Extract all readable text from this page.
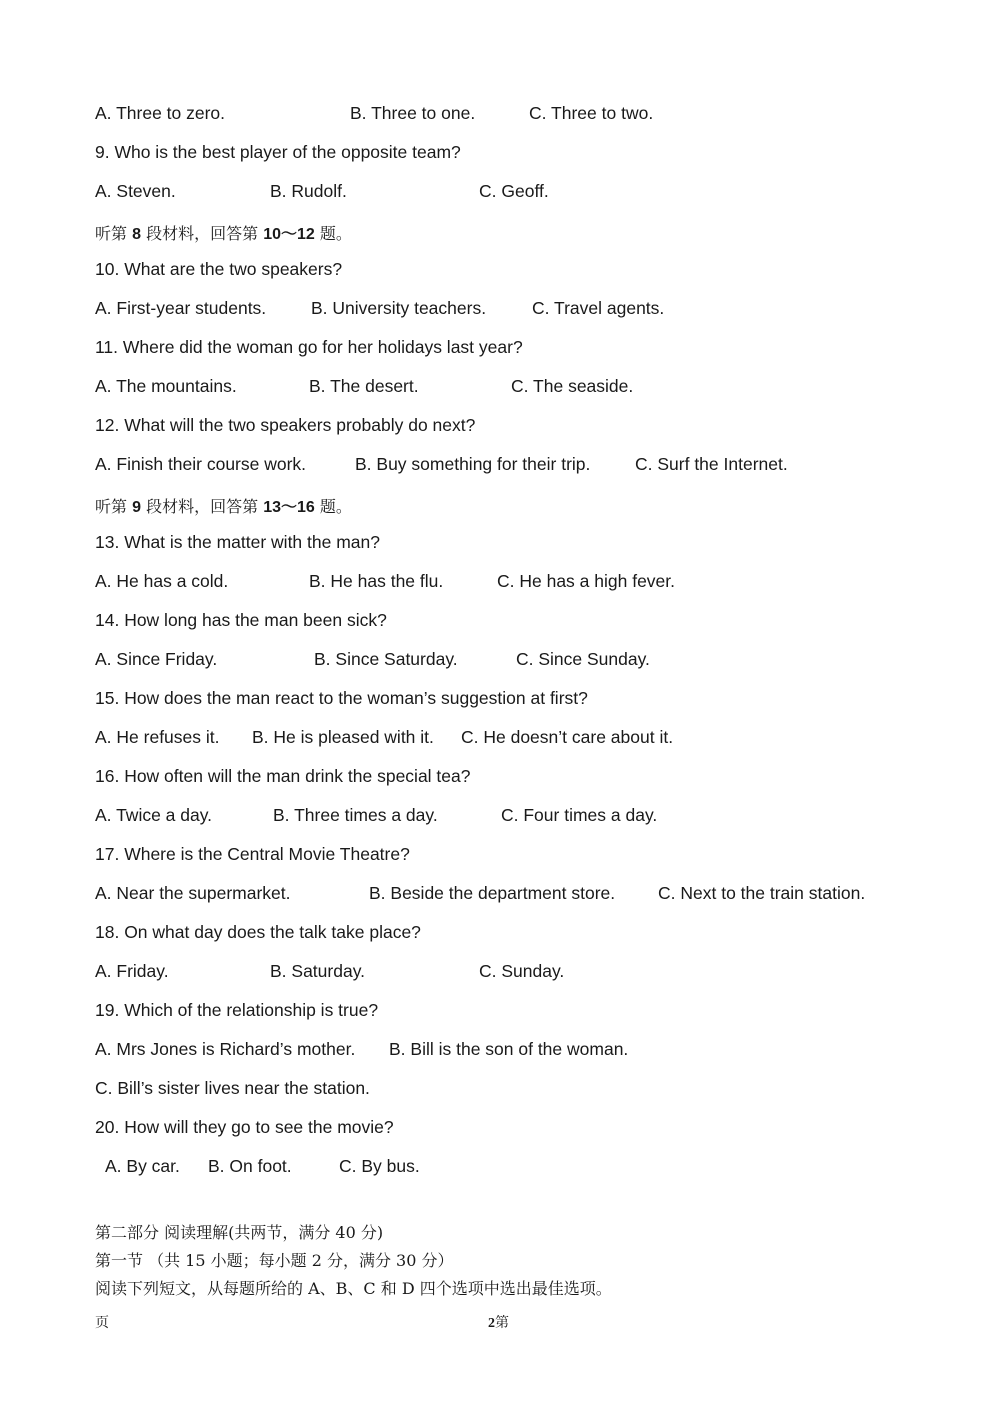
A. Three to zero.	B. Three to one.	C. Three to two.
9. Who is the best player of the opposite team?
A. Steven.	B. Rudolf.	C. Geoff.
听第 8 段材料，回答第 10～12 题。
10. What are the two speakers?
A. First-year students.	B. University teachers.	C. Travel agents.
11. Where did the woman go for her holidays last year?
A. The mountains.	B. The desert.	C. The seaside.
12. What will the two speakers probably do next?
A. Finish their course work.	B. Buy something for their trip.	C. Surf the Internet.
听第 9 段材料，回答第 13～16 题。
13. What is the matter with the man?
A. He has a cold.	B. He has the flu.	C. He has a high fever.
14. How long has the man been sick?
A. Since Friday.	B. Since Saturday.	C. Since Sunday.
15. How does the man react to the woman’s suggestion at first?
A. He refuses it. B. He is pleased with it. C. He doesn’t care about it.
16. How often will the man drink the special tea?
A. Twice a day.	B. Three times a day.	C. Four times a day.
17. Where is the Central Movie Theatre?
A. Near the supermarket.	B. Beside the department store. C. Next to the train station.
18. On what day does the talk take place?
A. Friday.	B. Saturday.	C. Sunday.
19. Which of the relationship is true?
A. Mrs Jones is Richard’s mother. B. Bill is the son of the woman.
C. Bill’s sister lives near the station.
20. How will they go to see the movie?
A. By car. B. On foot.	C. By bus.
第二部分 阅读理解(共两节，满分 40 分)
第一节 （共 15 小题；每小题 2 分，满分 30 分）
阅读下列短文，从每题所给的 A、B、C 和 D 四个选项中选出最佳选项。
页	2第
